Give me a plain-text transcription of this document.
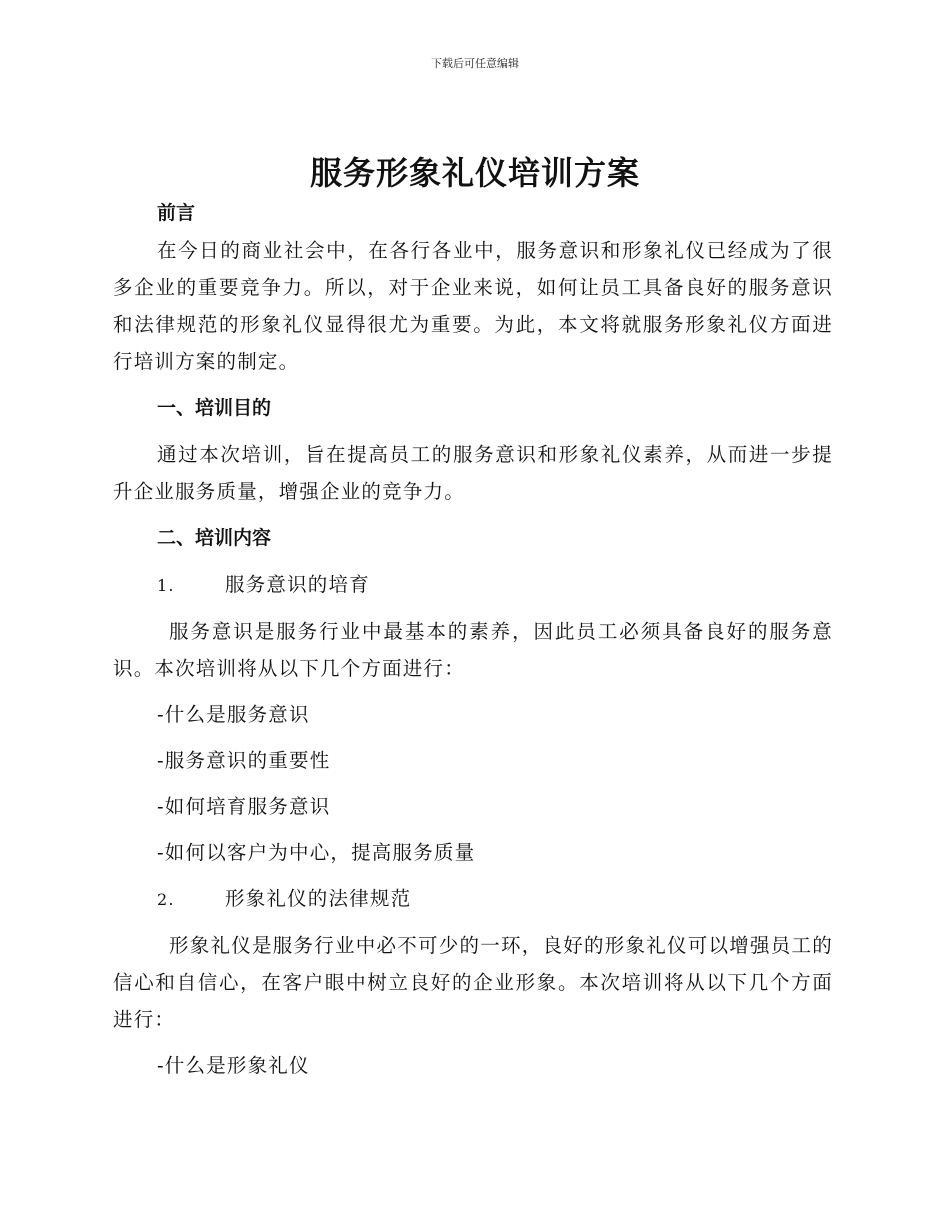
下载后可任意编辑
服务形象礼仪培训方案

前言

在今日的商业社会中，在各行各业中，服务意识和形象礼仪已经成为了很多企业的重要竞争力。所以，对于企业来说，如何让员工具备良好的服务意识和法律规范的形象礼仪显得很尤为重要。为此，本文将就服务形象礼仪方面进行培训方案的制定。

一、培训目的

通过本次培训，旨在提高员工的服务意识和形象礼仪素养，从而进一步提升企业服务质量，增强企业的竞争力。

二、培训内容

1.	服务意识的培育

服务意识是服务行业中最基本的素养，因此员工必须具备良好的服务意识。本次培训将从以下几个方面进行：

-什么是服务意识

-服务意识的重要性

-如何培育服务意识

-如何以客户为中心，提高服务质量

2.	形象礼仪的法律规范

形象礼仪是服务行业中必不可少的一环，良好的形象礼仪可以增强员工的信心和自信心，在客户眼中树立良好的企业形象。本次培训将从以下几个方面进行：

-什么是形象礼仪
